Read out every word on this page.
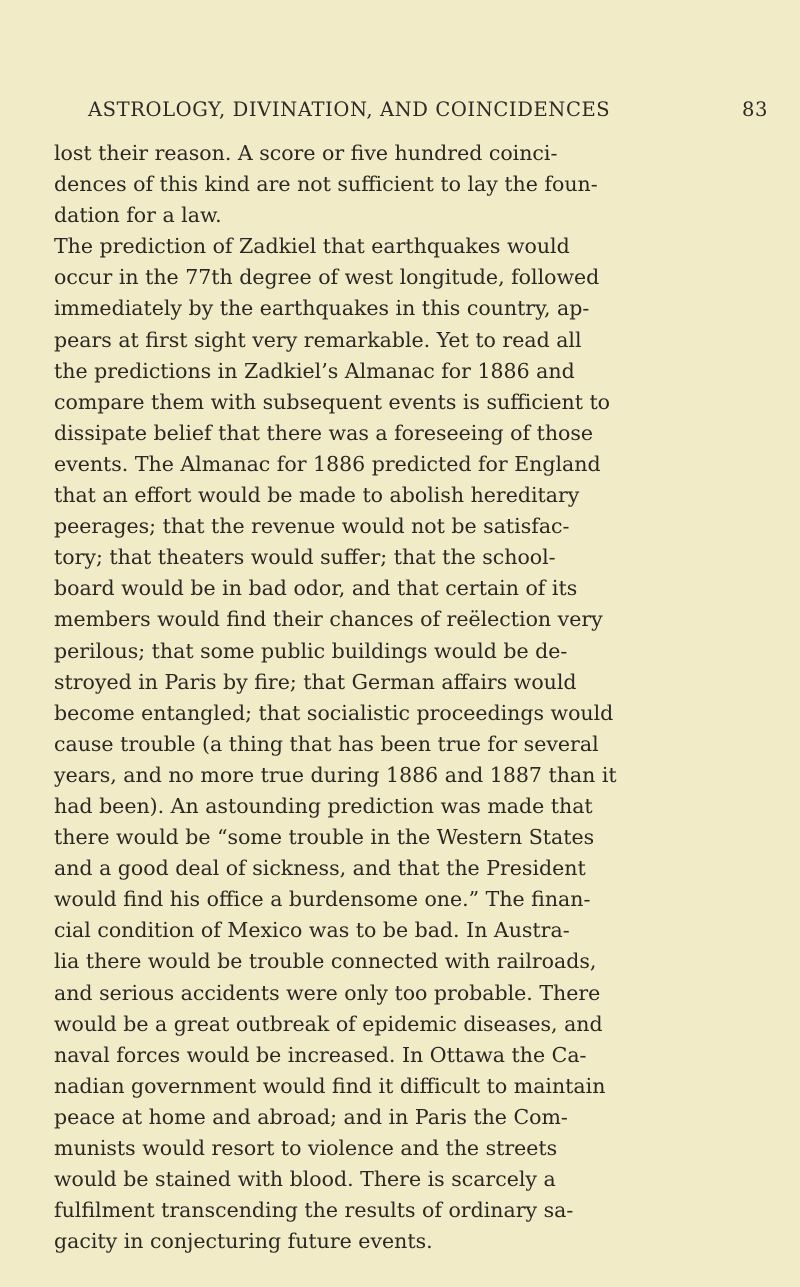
ASTROLOGY, DIVINATION, AND COINCIDENCES	83
lost their reason. A score or five hundred coinci-
dences of this kind are not sufficient to lay the foun-
dation for a law.
The prediction of Zadkiel that earthquakes would
occur in the 77th degree of west longitude, followed
immediately by the earthquakes in this country, ap-
pears at first sight very remarkable. Yet to read all
the predictions in Zadkiel’s Almanac for 1886 and
compare them with subsequent events is sufficient to
dissipate belief that there was a foreseeing of those
events. The Almanac for 1886 predicted for England
that an effort would be made to abolish hereditary
peerages; that the revenue would not be satisfac-
tory; that theaters would suffer; that the school-
board would be in bad odor, and that certain of its
members would find their chances of reëlection very
perilous; that some public buildings would be de-
stroyed in Paris by fire; that German affairs would
become entangled; that socialistic proceedings would
cause trouble (a thing that has been true for several
years, and no more true during 1886 and 1887 than it
had been). An astounding prediction was made that
there would be “some trouble in the Western States
and a good deal of sickness, and that the President
would find his office a burdensome one.” The finan-
cial condition of Mexico was to be bad. In Austra-
lia there would be trouble connected with railroads,
and serious accidents were only too probable. There
would be a great outbreak of epidemic diseases, and
naval forces would be increased. In Ottawa the Ca-
nadian government would find it difficult to maintain
peace at home and abroad; and in Paris the Com-
munists would resort to violence and the streets
would be stained with blood. There is scarcely a
fulfilment transcending the results of ordinary sa-
gacity in conjecturing future events.
